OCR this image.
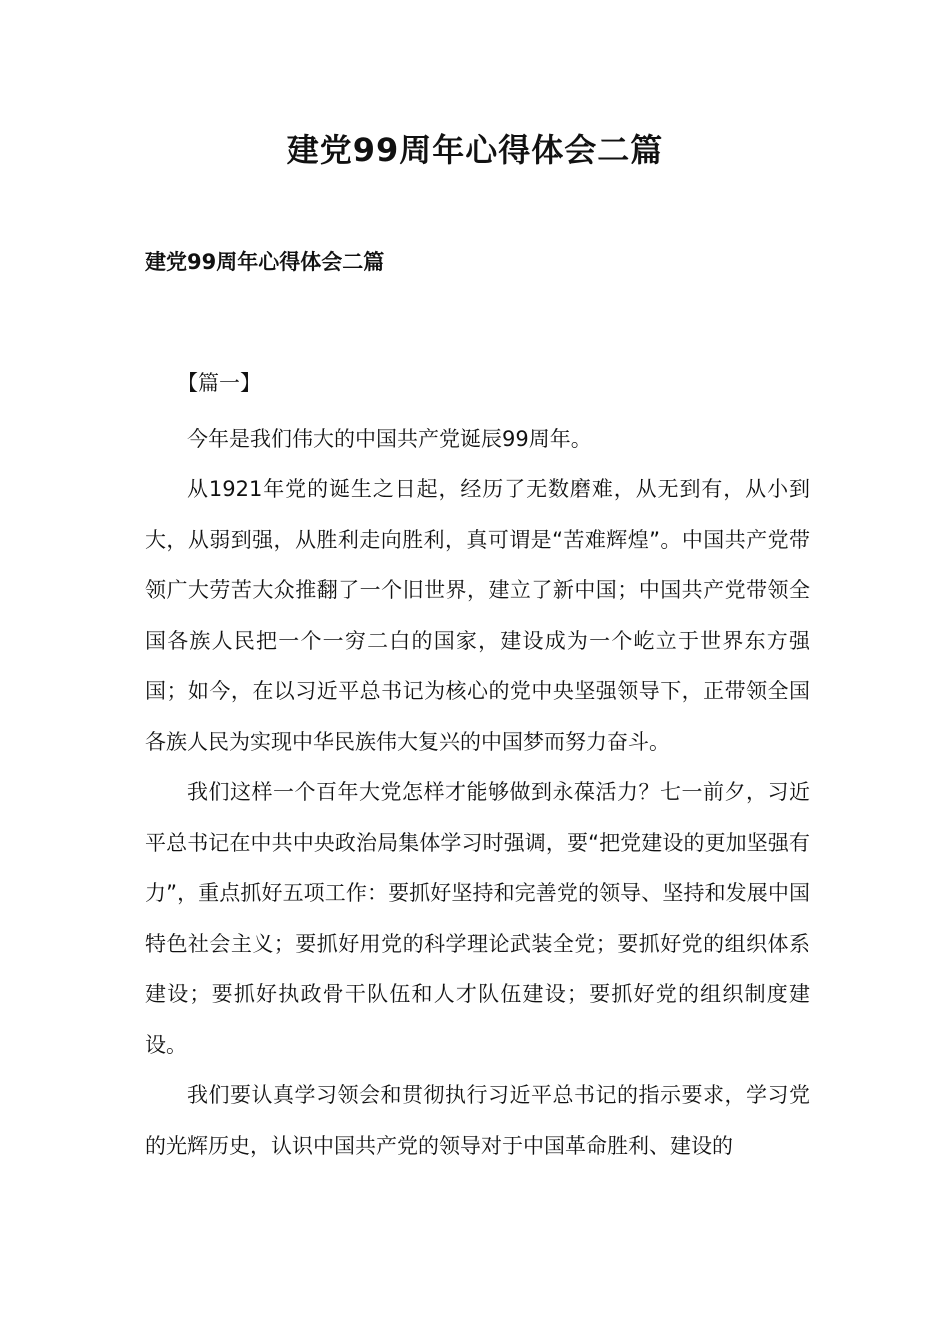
建党99周年心得体会二篇
建党99周年心得体会二篇

【篇一】

今年是我们伟大的中国共产党诞辰99周年。

从1921年党的诞生之日起，经历了无数磨难，从无到有，从小到大，从弱到强，从胜利走向胜利，真可谓是“苦难辉煌”。中国共产党带领广大劳苦大众推翻了一个旧世界，建立了新中国；中国共产党带领全国各族人民把一个一穷二白的国家，建设成为一个屹立于世界东方强国；如今，在以习近平总书记为核心的党中央坚强领导下，正带领全国各族人民为实现中华民族伟大复兴的中国梦而努力奋斗。

我们这样一个百年大党怎样才能够做到永葆活力？七一前夕，习近平总书记在中共中央政治局集体学习时强调，要“把党建设的更加坚强有力”，重点抓好五项工作：要抓好坚持和完善党的领导、坚持和发展中国特色社会主义；要抓好用党的科学理论武装全党；要抓好党的组织体系建设；要抓好执政骨干队伍和人才队伍建设；要抓好党的组织制度建设。

我们要认真学习领会和贯彻执行习近平总书记的指示要求，学习党的光辉历史，认识中国共产党的领导对于中国革命胜利、建设的
